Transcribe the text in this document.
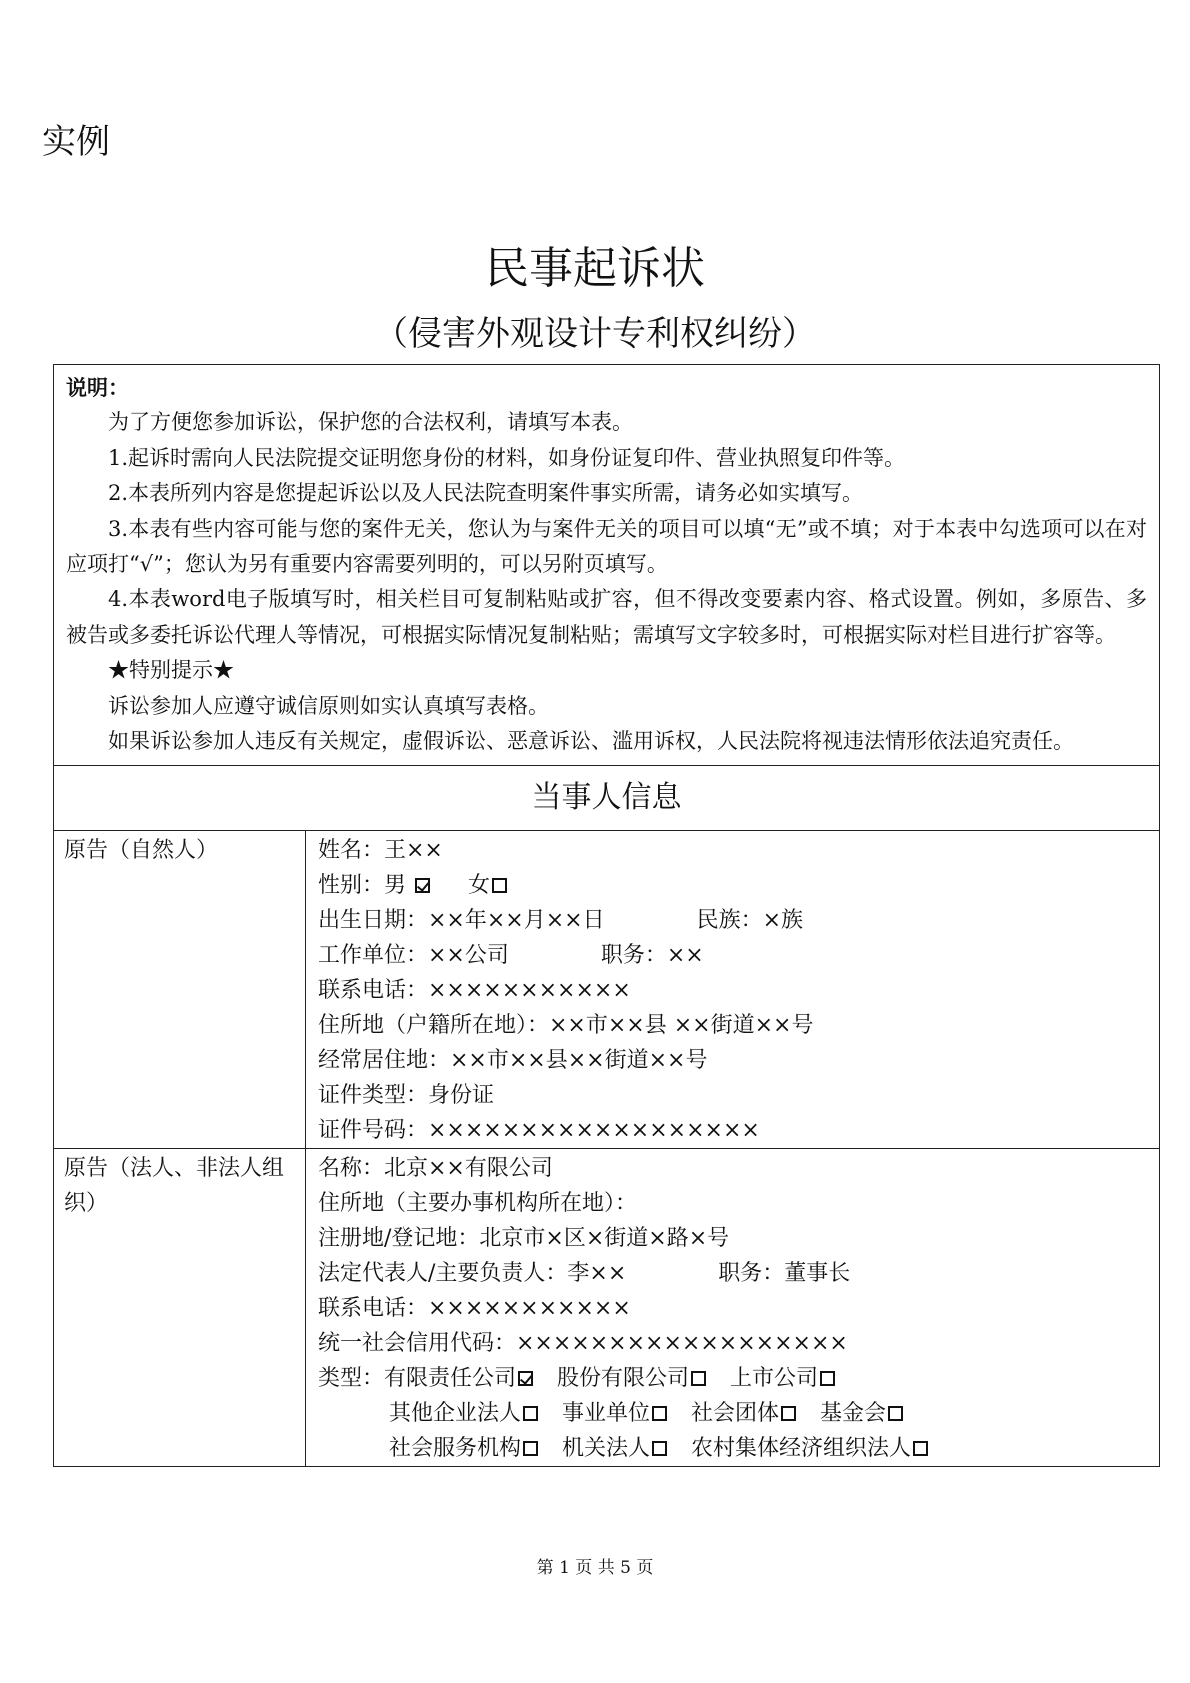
实例
民事起诉状
（侵害外观设计专利权纠纷）
说明：

为了方便您参加诉讼，保护您的合法权利，请填写本表。

1.起诉时需向人民法院提交证明您身份的材料，如身份证复印件、营业执照复印件等。

2.本表所列内容是您提起诉讼以及人民法院查明案件事实所需，请务必如实填写。

3.本表有些内容可能与您的案件无关，您认为与案件无关的项目可以填“无”或不填；对于本表中勾选项可以在对应项打“√”；您认为另有重要内容需要列明的，可以另附页填写。

4.本表word电子版填写时，相关栏目可复制粘贴或扩容，但不得改变要素内容、格式设置。例如，多原告、多被告或多委托诉讼代理人等情况，可根据实际情况复制粘贴；需填写文字较多时，可根据实际对栏目进行扩容等。

★特别提示★

诉讼参加人应遵守诚信原则如实认真填写表格。

如果诉讼参加人违反有关规定，虚假诉讼、恶意诉讼、滥用诉权，人民法院将视违法情形依法追究责任。

当事人信息
原告（自然人）	姓名：王××
性别：男	女
出生日期：××年××月××日	民族：×族
工作单位：××公司	职务：××
联系电话：×××××××××××
住所地（户籍所在地）：××市××县 ××街道××号
经常居住地：××市××县××街道××号
证件类型：身份证
证件号码：××××××××××××××××××
原告（法人、非法人组织）
名称：北京××有限公司
住所地（主要办事机构所在地）：
注册地/登记地：北京市×区×街道×路×号
法定代表人/主要负责人：李××	职务：董事长
联系电话：×××××××××××
统一社会信用代码：××××××××××××××××××
类型：有限责任公司 股份有限公司 上市公司
其他企业法人 事业单位 社会团体 基金会
社会服务机构 机关法人 农村集体经济组织法人
第 1 页 共 5 页
